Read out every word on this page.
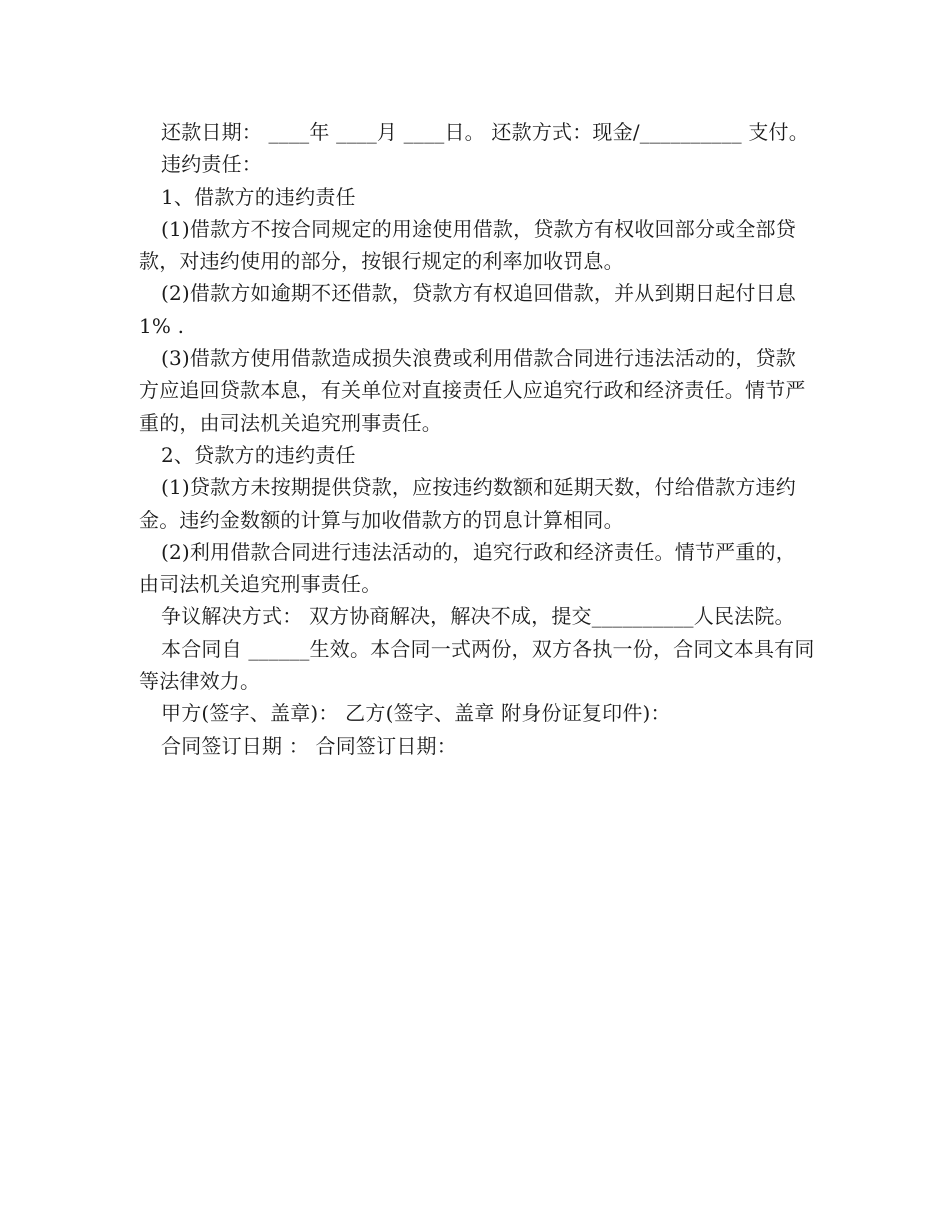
还款日期： ____年 ____月 ____日。 还款方式：现金/__________ 支付。

违约责任：

1、借款方的违约责任

(1)借款方不按合同规定的用途使用借款，贷款方有权收回部分或全部贷款，对违约使用的部分，按银行规定的利率加收罚息。

(2)借款方如逾期不还借款，贷款方有权追回借款，并从到期日起付日息 1% .

(3)借款方使用借款造成损失浪费或利用借款合同进行违法活动的，贷款方应追回贷款本息，有关单位对直接责任人应追究行政和经济责任。情节严重的，由司法机关追究刑事责任。

2、贷款方的违约责任

(1)贷款方未按期提供贷款，应按违约数额和延期天数，付给借款方违约金。违约金数额的计算与加收借款方的罚息计算相同。

(2)利用借款合同进行违法活动的，追究行政和经济责任。情节严重的，由司法机关追究刑事责任。

争议解决方式： 双方协商解决，解决不成，提交__________人民法院。

本合同自 ______生效。本合同一式两份，双方各执一份，合同文本具有同等法律效力。

甲方(签字、盖章)： 乙方(签字、盖章 附身份证复印件)：

合同签订日期 ： 合同签订日期：
